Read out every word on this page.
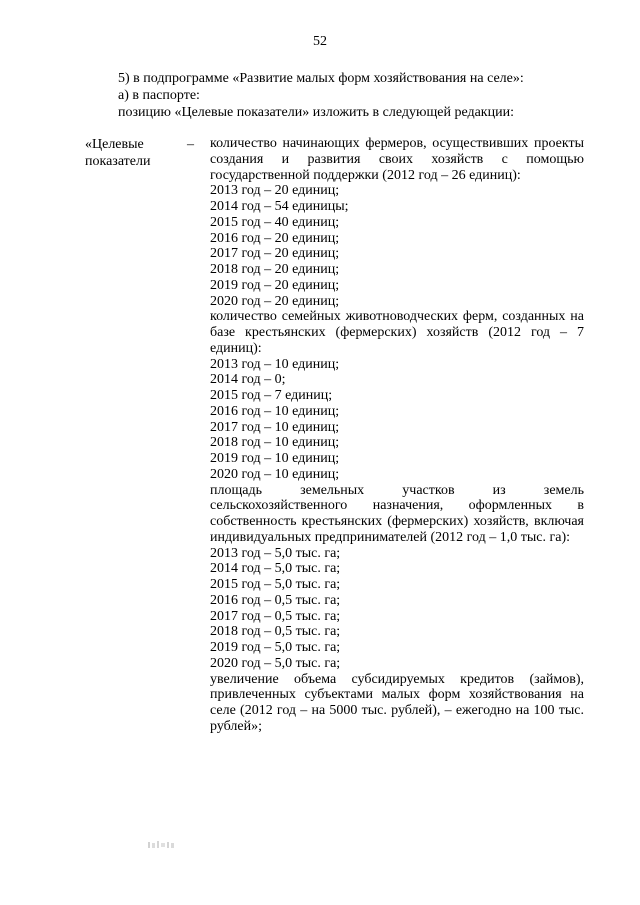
52
5) в подпрограмме «Развитие малых форм хозяйствования на селе»:
а) в паспорте:
позицию «Целевые показатели» изложить в следующей редакции:
«Целевые
показатели
– количество начинающих фермеров, осуществивших проекты создания и развития своих хозяйств с помощью государственной поддержки (2012 год – 26 единиц):

2013 год – 20 единиц;

2014 год – 54 единицы;

2015 год – 40 единиц;

2016 год – 20 единиц;

2017 год – 20 единиц;

2018 год – 20 единиц;

2019 год – 20 единиц;

2020 год – 20 единиц;

количество семейных животноводческих ферм, созданных на базе крестьянских (фермерских) хозяйств (2012 год – 7 единиц):

2013 год – 10 единиц;

2014 год – 0;

2015 год – 7 единиц;

2016 год – 10 единиц;

2017 год – 10 единиц;

2018 год – 10 единиц;

2019 год – 10 единиц;

2020 год – 10 единиц;

площадь земельных участков из земель сельскохозяйственного назначения, оформленных в собственность крестьянских (фермерских) хозяйств, включая индивидуальных предпринимателей (2012 год – 1,0 тыс. га):

2013 год – 5,0 тыс. га;

2014 год – 5,0 тыс. га;

2015 год – 5,0 тыс. га;

2016 год – 0,5 тыс. га;

2017 год – 0,5 тыс. га;

2018 год – 0,5 тыс. га;

2019 год – 5,0 тыс. га;

2020 год – 5,0 тыс. га;

увеличение объема субсидируемых кредитов (займов), привлеченных субъектами малых форм хозяйствования на селе (2012 год – на 5000 тыс. рублей), – ежегодно на 100 тыс. рублей»;
